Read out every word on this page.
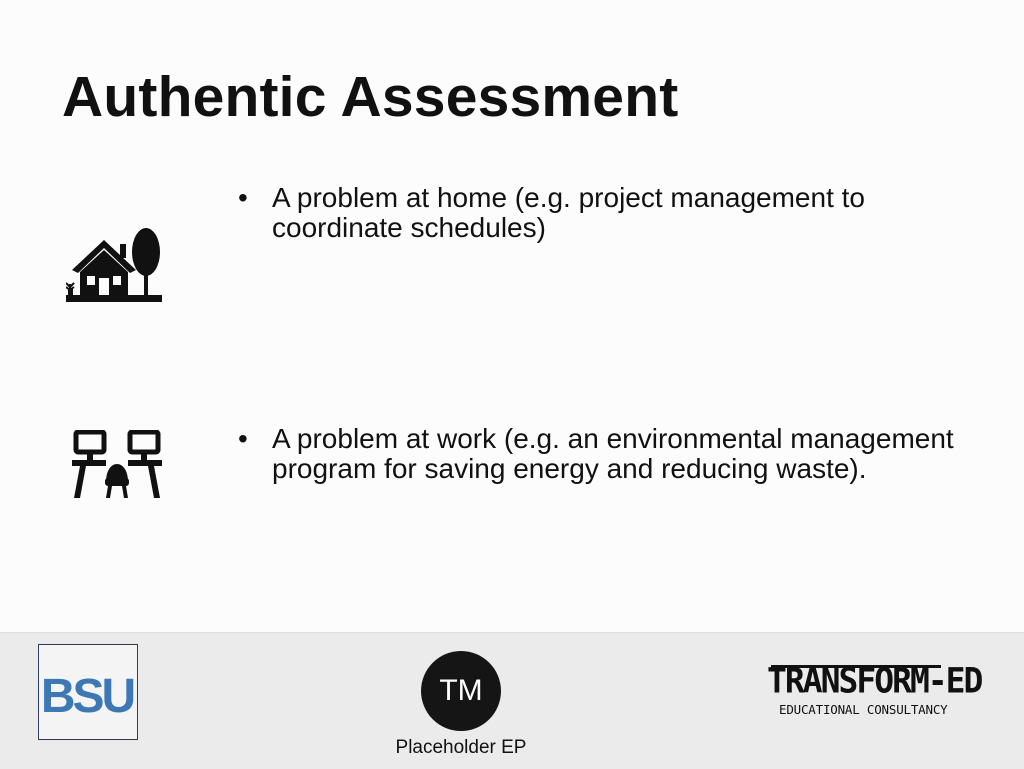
Authentic Assessment
• A problem at home (e.g. project management to coordinate schedules)
• A problem at work (e.g. an environmental management program for saving energy and reducing waste).
BSU	TM
Placeholder EP
TRANSFORM-ED
EDUCATIONAL CONSULTANCY
